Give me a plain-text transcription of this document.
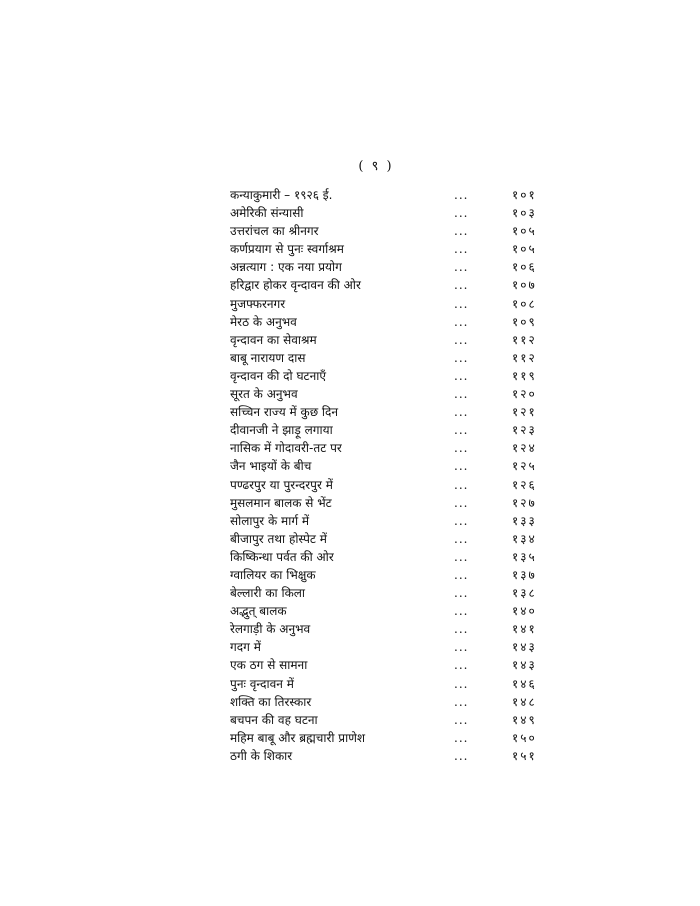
( ९ )
कन्याकुमारी – १९२६ ई.	...	१०१
अमेरिकी संन्यासी	...	१०३
उत्तरांचल का श्रीनगर	...	१०५
कर्णप्रयाग से पुनः स्वर्गाश्रम	...	१०५
अन्नत्याग : एक नया प्रयोग	...	१०६
हरिद्वार होकर वृन्दावन की ओर	...	१०७
मुजफ्फरनगर	...	१०८
मेरठ के अनुभव	...	१०९
वृन्दावन का सेवाश्रम	...	११२
बाबू नारायण दास	...	११२
वृन्दावन की दो घटनाएँ	...	११९
सूरत के अनुभव	...	१२०
सच्चिन राज्य में कुछ दिन	...	१२१
दीवानजी ने झाड़ू लगाया	...	१२३
नासिक में गोदावरी-तट पर	...	१२४
जैन भाइयों के बीच	...	१२५
पण्ढरपुर या पुरन्दरपुर में	...	१२६
मुसलमान बालक से भेंट	...	१२७
सोलापुर के मार्ग में	...	१३३
बीजापुर तथा होस्पेट में	...	१३४
किष्किन्धा पर्वत की ओर	...	१३५
ग्वालियर का भिक्षुक	...	१३७
बेल्लारी का किला	...	१३८
अद्भुत् बालक	...	१४०
रेलगाड़ी के अनुभव	...	१४१
गदग में	...	१४३
एक ठग से सामना	...	१४३
पुनः वृन्दावन में	...	१४६
शक्ति का तिरस्कार	...	१४८
बचपन की वह घटना	...	१४९
महिम बाबू और ब्रह्मचारी प्राणेश	...	१५०
ठगी के शिकार	...	१५१
